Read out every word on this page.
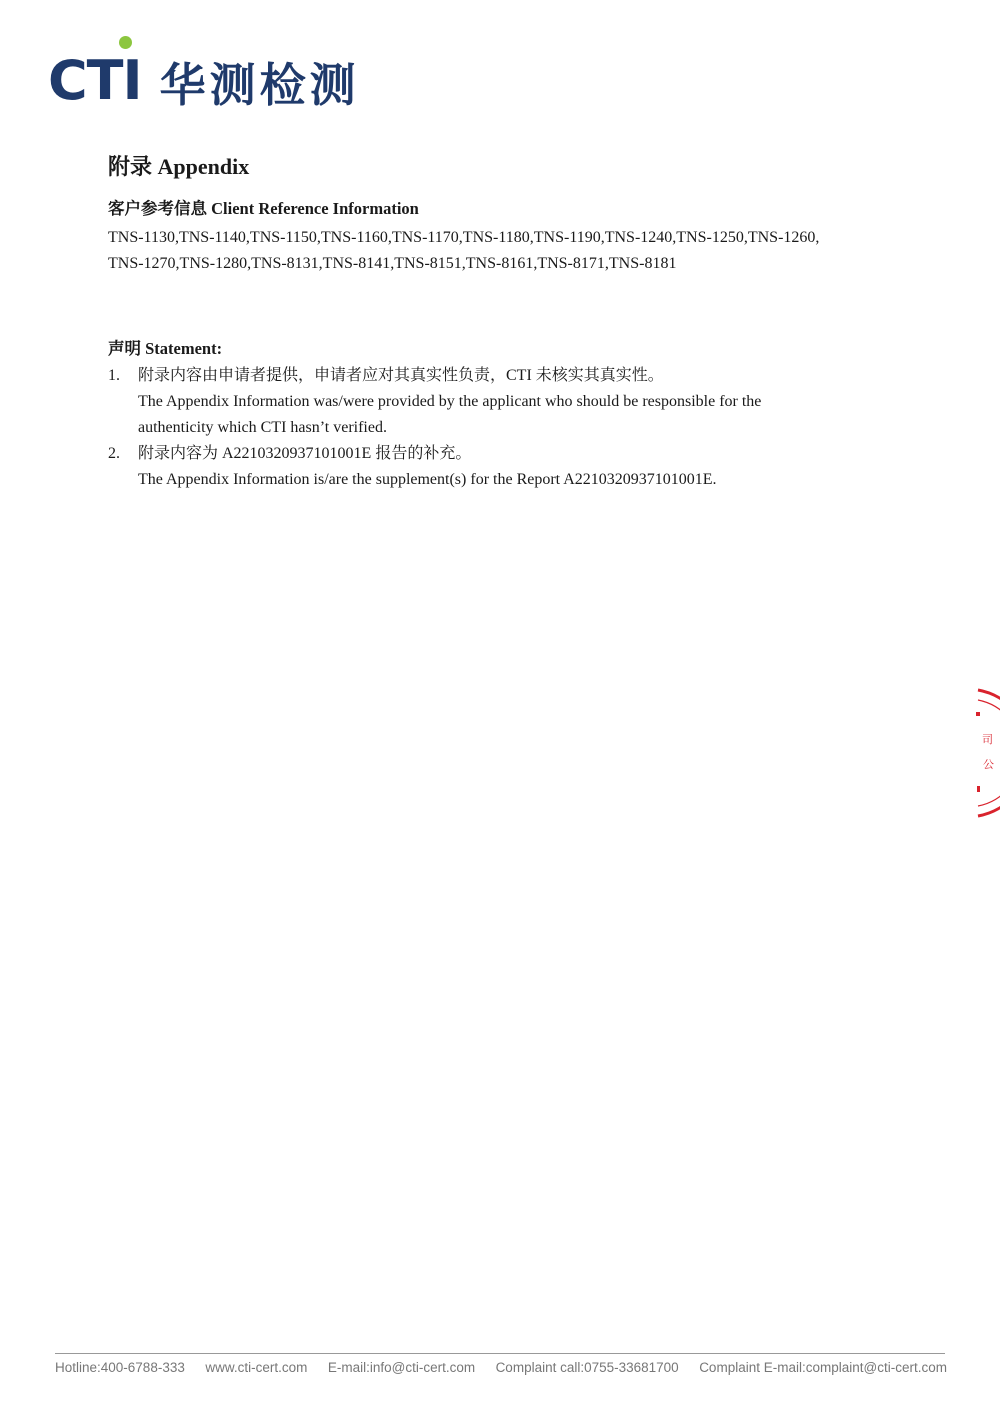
CTI 华测检测
附录 Appendix
客户参考信息 Client Reference Information
TNS-1130,TNS-1140,TNS-1150,TNS-1160,TNS-1170,TNS-1180,TNS-1190,TNS-1240,TNS-1250,TNS-1260,
TNS-1270,TNS-1280,TNS-8131,TNS-8141,TNS-8151,TNS-8161,TNS-8171,TNS-8181
声明 Statement:
1.	附录内容由申请者提供，申请者应对其真实性负责，CTI 未核实其真实性。
The Appendix Information was/were provided by the applicant who should be responsible for the
authenticity which CTI hasn’t verified.
2.	附录内容为 A2210320937101001E 报告的补充。
The Appendix Information is/are the supplement(s) for the Report A2210320937101001E.
司
公
Hotline:400-6788-333 www.cti-cert.com E-mail:info@cti-cert.com Complaint call:0755-33681700 Complaint E-mail:complaint@cti-cert.com
